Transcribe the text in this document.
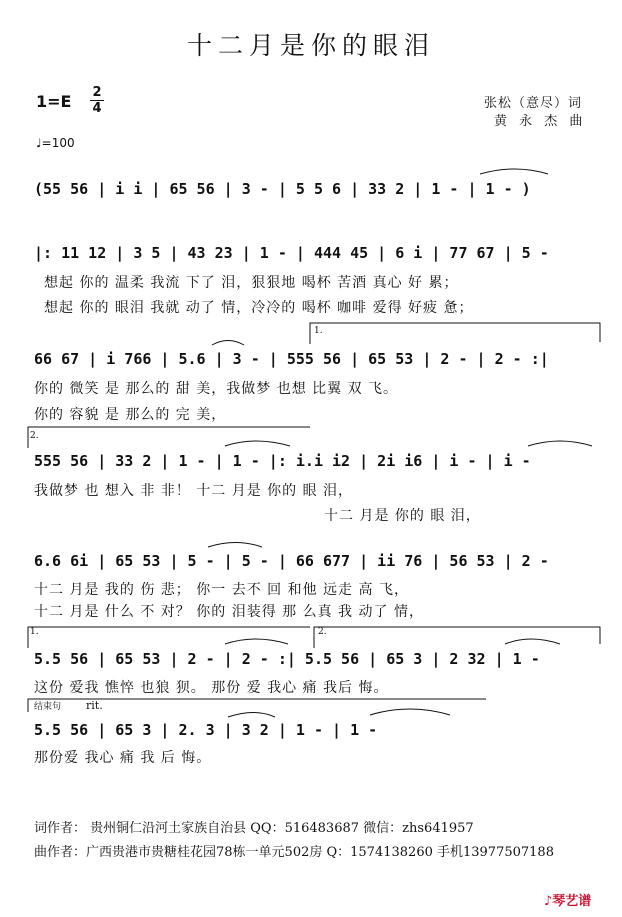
十二月是你的眼泪
1=E 2
4	张松（意尽）词
黄 永 杰 曲
♩=100
(55 56 | i i | 65 56 | 3 - | 5 5 6 | 33 2 | 1 - | 1 - )
|: 11 12 | 3 5 | 43 23 | 1 - | 444 45 | 6 i | 77 67 | 5 -
想起 你的 温柔 我流 下了 泪，狠狠地 喝杯 苦酒 真心 好 累；
想起 你的 眼泪 我就 动了 情，冷冷的 喝杯 咖啡 爱得 好疲 惫；
1.
66 67 | i 766 | 5.6 | 3 - | 555 56 | 65 53 | 2 - | 2 - :|
你的 微笑 是 那么的 甜 美，我做梦 也想 比翼 双 飞。
你的 容貌 是 那么的 完 美，
2.
555 56 | 33 2 | 1 - | 1 - |: i.i i2 | 2i i6 | i - | i -
我做梦 也 想入 非 非！ 十二 月是 你的 眼 泪，
十二 月是 你的 眼 泪，
6.6 6i | 65 53 | 5 - | 5 - | 66 677 | ii 76 | 56 53 | 2 -
十二 月是 我的 伤 悲； 你一 去不 回 和他 远走 高 飞，
十二 月是 什么 不 对？ 你的 泪装得 那 么真 我 动了 情，
1.	2.
5.5 56 | 65 53 | 2 - | 2 - :| 5.5 56 | 65 3 | 2 32 | 1 -
这份 爱我 憔悴 也狼 狈。 那份 爱 我心 痛 我后 悔。
结束句 rit.
5.5 56 | 65 3 | 2. 3 | 3 2 | 1 - | 1 -
那份爱 我心 痛 我 后 悔。
词作者： 贵州铜仁沿河土家族自治县 QQ：516483687 微信：zhs641957
曲作者：广西贵港市贵糖桂花园78栋一单元502房 Q：1574138260 手机13977507188
♪琴艺谱
